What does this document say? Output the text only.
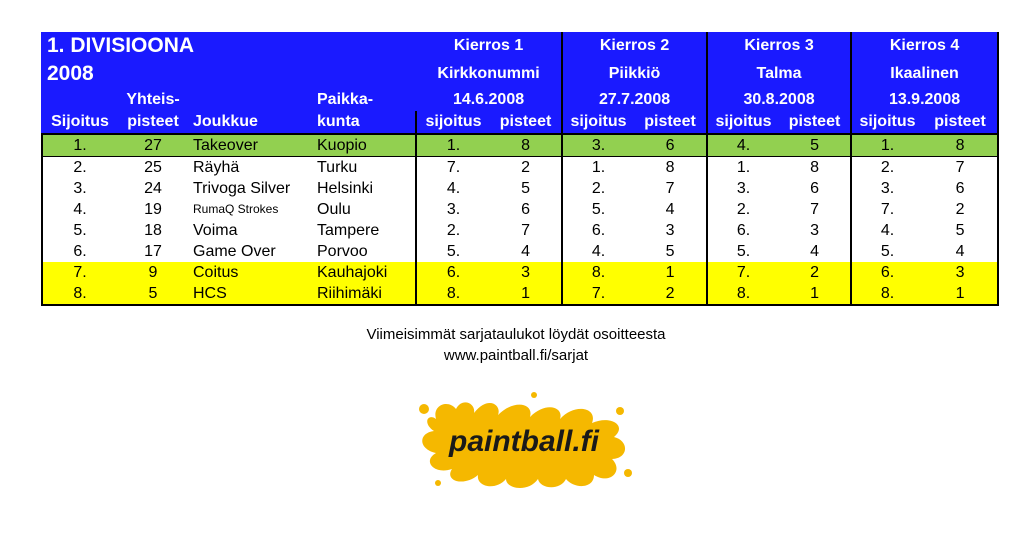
1. DIVISIOONA				Kierros 1		Kierros 2		Kierros 3		Kierros 4	
2008				Kirkkonummi		Piikkiö		Talma		Ikaalinen	
	Yhteis-		Paikka-	14.6.2008		27.7.2008		30.8.2008		13.9.2008	
Sijoitus	pisteet	Joukkue	kunta	sijoitus	pisteet	sijoitus	pisteet	sijoitus	pisteet	sijoitus	pisteet
1.	27	Takeover	Kuopio	1.	8	3.	6	4.	5	1.	8
2.	25	Räyhä	Turku	7.	2	1.	8	1.	8	2.	7
3.	24	Trivoga Silver	Helsinki	4.	5	2.	7	3.	6	3.	6
4.	19	RumaQ Strokes	Oulu	3.	6	5.	4	2.	7	7.	2
5.	18	Voima	Tampere	2.	7	6.	3	6.	3	4.	5
6.	17	Game Over	Porvoo	5.	4	4.	5	5.	4	5.	4
7.	9	Coitus	Kauhajoki	6.	3	8.	1	7.	2	6.	3
8.	5	HCS	Riihimäki	8.	1	7.	2	8.	1	8.	1
Viimeisimmät sarjataulukot löydät osoitteesta
www.paintball.fi/sarjat
paintball.fi
